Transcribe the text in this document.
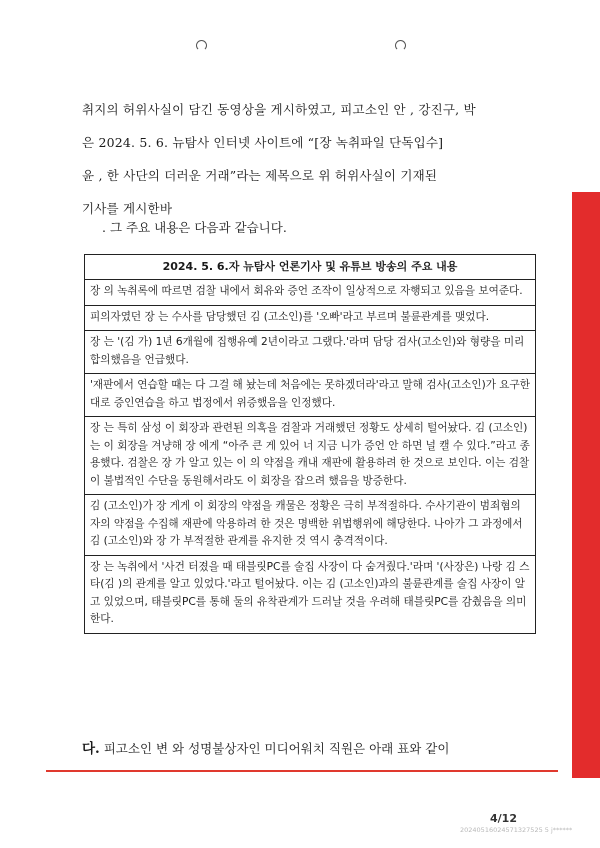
취지의 허위사실이 담긴 동영상을 게시하였고, 피고소인 안 , 강진구, 박

은 2024. 5. 6. 뉴탐사 인터넷 사이트에 “[장 녹취파일 단독입수]

윤 , 한 사단의 더러운 거래”라는 제목으로 위 허위사실이 기재된

기사를 게시한바

. 그 주요 내용은 다음과 같습니다.
2024. 5. 6.자 뉴탐사 언론기사 및 유튜브 방송의 주요 내용
장 의 녹취록에 따르면 검찰 내에서 회유와 증언 조작이 일상적으로 자행되고 있음을 보여준다.
피의자였던 장 는 수사를 담당했던 김 (고소인)를 '오빠'라고 부르며 불륜관계를 맺었다.
장 는 '(김 가) 1년 6개월에 집행유예 2년이라고 그랬다.'라며 담당 검사(고소인)와 형량을 미리 합의했음을 언급했다.
'재판에서 연습할 때는 다 그걸 해 놨는데 처음에는 못하겠더라'라고 말해 검사(고소인)가 요구한 대로 증인연습을 하고 법정에서 위증했음을 인정했다.
장 는 특히 삼성 이 회장과 관련된 의혹을 검찰과 거래했던 정황도 상세히 털어놨다. 김 (고소인)는 이 회장을 겨냥해 장 에게 “아주 큰 게 있어 너 지금 니가 증언 안 하면 널 캘 수 있다.”라고 종용했다. 검찰은 장 가 알고 있는 이 의 약점을 캐내 재판에 활용하려 한 것으로 보인다. 이는 검찰이 불법적인 수단을 동원해서라도 이 회장을 잡으려 했음을 방증한다.
김 (고소인)가 장 게게 이 회장의 약점을 캐물은 정황은 극히 부적절하다. 수사기관이 범죄혐의자의 약점을 수집해 재판에 악용하려 한 것은 명백한 위법행위에 해당한다. 나아가 그 과정에서 김 (고소인)와 장 가 부적절한 관계를 유지한 것 역시 충격적이다.
장 는 녹취에서 '사건 터졌을 때 태블릿PC를 술집 사장이 다 숨겨줬다.'라며 '(사장은) 나랑 김 스타(김 )의 관계를 알고 있었다.'라고 털어놨다. 이는 김 (고소인)과의 불륜관계를 술집 사장이 알고 있었으며, 태블릿PC를 통해 둘의 유착관계가 드러날 것을 우려해 태블릿PC를 감췄음을 의미한다.
다. 피고소인 변 와 성명불상자인 미디어워치 직원은 아래 표와 같이
4/12
20240516024571327525 5 j******
